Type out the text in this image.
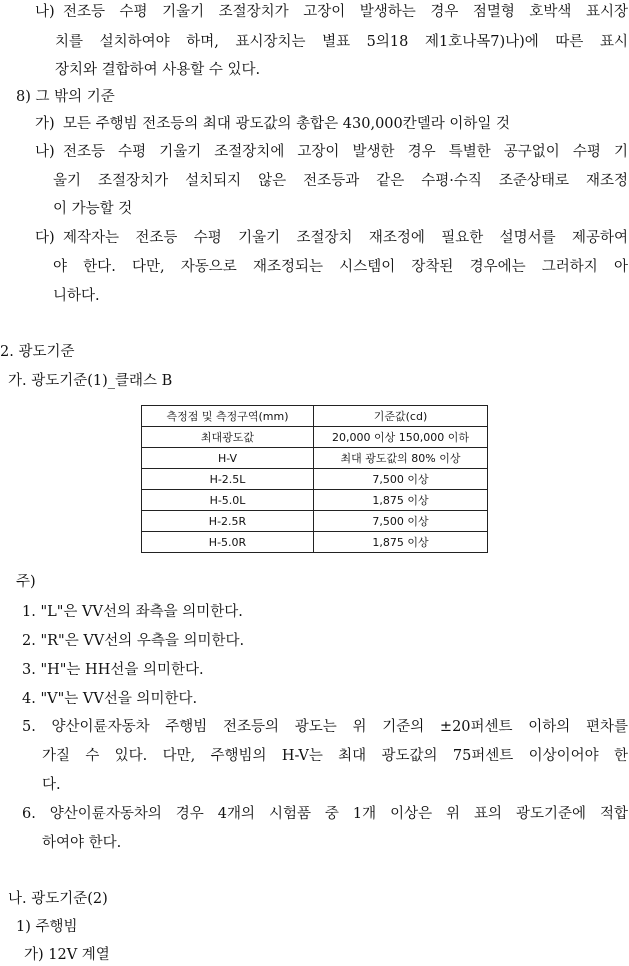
나) 전조등 수평 기울기 조절장치가 고장이 발생하는 경우 점멸형 호박색 표시장
치를 설치하여야 하며, 표시장치는 별표 5의18 제1호나목7)나)에 따른 표시
장치와 결합하여 사용할 수 있다.
8) 그 밖의 기준
가) 모든 주행빔 전조등의 최대 광도값의 총합은 430,000칸델라 이하일 것
나) 전조등 수평 기울기 조절장치에 고장이 발생한 경우 특별한 공구없이 수평 기
울기 조절장치가 설치되지 않은 전조등과 같은 수평·수직 조준상태로 재조정
이 가능할 것
다) 제작자는 전조등 수평 기울기 조절장치 재조정에 필요한 설명서를 제공하여
야 한다. 다만, 자동으로 재조정되는 시스템이 장착된 경우에는 그러하지 아
니하다.
2. 광도기준
가. 광도기준(1)_클래스 B
측정점 및 측정구역(mm)	기준값(cd)
최대광도값	20,000 이상 150,000 이하
H-V	최대 광도값의 80% 이상
H-2.5L	7,500 이상
H-5.0L	1,875 이상
H-2.5R	7,500 이상
H-5.0R	1,875 이상
주)
1. "L"은 VV선의 좌측을 의미한다.
2. "R"은 VV선의 우측을 의미한다.
3. "H"는 HH선을 의미한다.
4. "V"는 VV선을 의미한다.
5. 양산이륜자동차 주행빔 전조등의 광도는 위 기준의 ±20퍼센트 이하의 편차를
가질 수 있다. 다만, 주행빔의 H-V는 최대 광도값의 75퍼센트 이상이어야 한
다.
6. 양산이륜자동차의 경우 4개의 시험품 중 1개 이상은 위 표의 광도기준에 적합
하여야 한다.
나. 광도기준(2)
1) 주행빔
가) 12V 계열
